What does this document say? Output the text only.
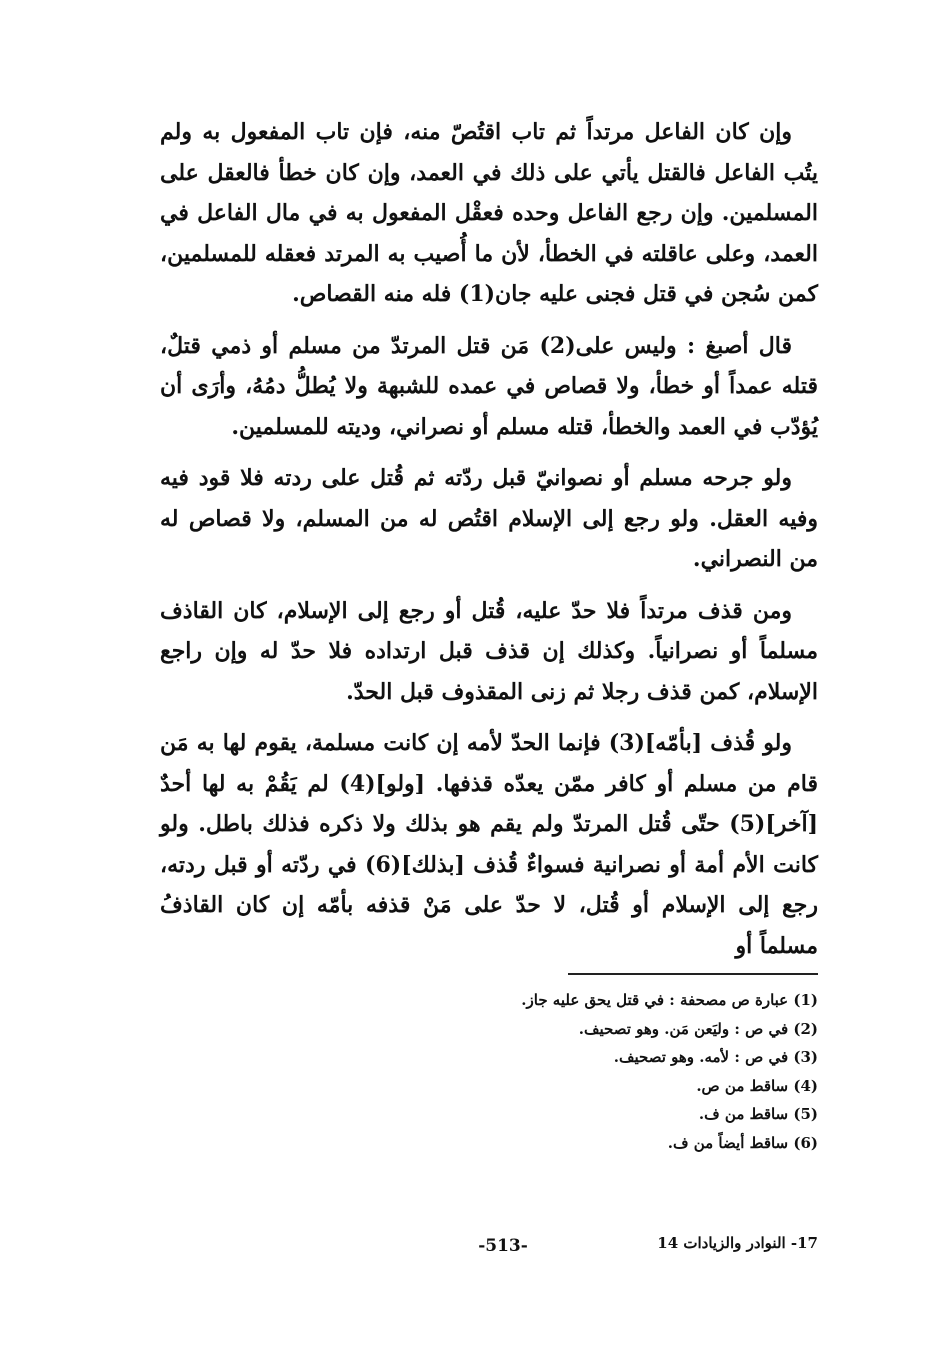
وإن كان الفاعل مرتداً ثم تاب اقتُصّ منه، فإن تاب المفعول به ولم يتُب الفاعل فالقتل يأتي على ذلك في العمد، وإن كان خطأ فالعقل على المسلمين. وإن رجع الفاعل وحده فعقْل المفعول به في مال الفاعل في العمد، وعلى عاقلته في الخطأ، لأن ما أُصيب به المرتد فعقله للمسلمين، كمن سُجن في قتل فجنى عليه جان(1) فله منه القصاص.

قال أصبغ : وليس على(2) مَن قتل المرتدّ من مسلم أو ذمي قتلٌ، قتله عمداً أو خطأ، ولا قصاص في عمده للشبهة ولا يُطلُّ دمُهُ، وأرَى أن يُؤدّب في العمد والخطأ، قتله مسلم أو نصراني، وديته للمسلمين.

ولو جرحه مسلم أو نصوانيّ قبل ردّته ثم قُتل على ردته فلا قود فيه وفيه العقل. ولو رجع إلى الإسلام اقتُص له من المسلم، ولا قصاص له من النصراني.

ومن قذف مرتداً فلا حدّ عليه، قُتل أو رجع إلى الإسلام، كان القاذف مسلماً أو نصرانياً. وكذلك إن قذف قبل ارتداده فلا حدّ له وإن راجع الإسلام، كمن قذف رجلا ثم زنى المقذوف قبل الحدّ.

ولو قُذف [بأمّه](3) فإنما الحدّ لأمه إن كانت مسلمة، يقوم لها به مَن قام من مسلم أو كافر ممّن يعدّه قذفها. [ولو](4) لم يَقُمْ به لها أحدٌ [آخر](5) حتّى قُتل المرتدّ ولم يقم هو بذلك ولا ذكره فذلك باطل. ولو كانت الأم أمة أو نصرانية فسواءٌ قُذف [بذلك](6) في ردّته أو قبل ردته، رجع إلى الإسلام أو قُتل، لا حدّ على مَنْ قذفه بأمّه إن كان القاذفُ مسلماً أو

(1) عبارة ص مصحفة : في قتل يحق عليه جاز.
(2) في ص : وليَعن مَن. وهو تصحيف.
(3) في ص : لأمه. وهو تصحيف.
(4) ساقط من ص.
(5) ساقط من ف.
(6) ساقط أيضاً من ف.
17- النوادر والزيادات 14
-513-
